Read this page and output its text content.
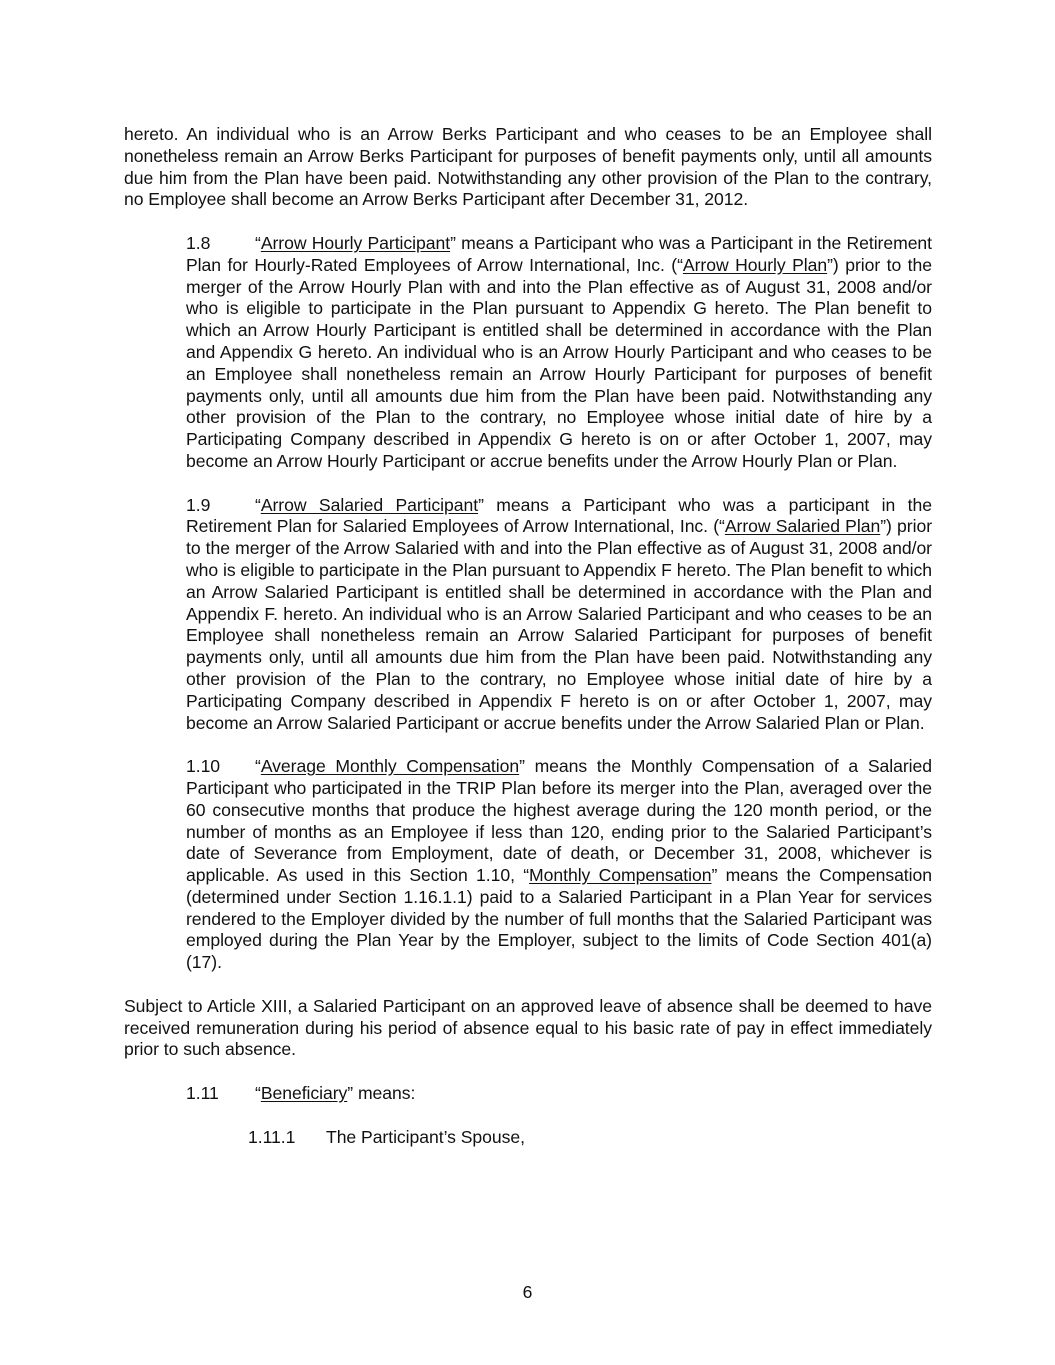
hereto. An individual who is an Arrow Berks Participant and who ceases to be an Employee shall nonetheless remain an Arrow Berks Participant for purposes of benefit payments only, until all amounts due him from the Plan have been paid. Notwithstanding any other provision of the Plan to the contrary, no Employee shall become an Arrow Berks Participant after December 31, 2012.

1.8	“Arrow Hourly Participant” means a Participant who was a Participant in the Retirement Plan for Hourly-Rated Employees of Arrow International, Inc. (“Arrow Hourly Plan”) prior to the merger of the Arrow Hourly Plan with and into the Plan effective as of August 31, 2008 and/or who is eligible to participate in the Plan pursuant to Appendix G hereto. The Plan benefit to which an Arrow Hourly Participant is entitled shall be determined in accordance with the Plan and Appendix G hereto. An individual who is an Arrow Hourly Participant and who ceases to be an Employee shall nonetheless remain an Arrow Hourly Participant for purposes of benefit payments only, until all amounts due him from the Plan have been paid. Notwithstanding any other provision of the Plan to the contrary, no Employee whose initial date of hire by a Participating Company described in Appendix G hereto is on or after October 1, 2007, may become an Arrow Hourly Participant or accrue benefits under the Arrow Hourly Plan or Plan.

1.9	“Arrow Salaried Participant” means a Participant who was a participant in the Retirement Plan for Salaried Employees of Arrow International, Inc. (“Arrow Salaried Plan”) prior to the merger of the Arrow Salaried with and into the Plan effective as of August 31, 2008 and/or who is eligible to participate in the Plan pursuant to Appendix F hereto. The Plan benefit to which an Arrow Salaried Participant is entitled shall be determined in accordance with the Plan and Appendix F. hereto. An individual who is an Arrow Salaried Participant and who ceases to be an Employee shall nonetheless remain an Arrow Salaried Participant for purposes of benefit payments only, until all amounts due him from the Plan have been paid. Notwithstanding any other provision of the Plan to the contrary, no Employee whose initial date of hire by a Participating Company described in Appendix F hereto is on or after October 1, 2007, may become an Arrow Salaried Participant or accrue benefits under the Arrow Salaried Plan or Plan.

1.10 “Average Monthly Compensation” means the Monthly Compensation of a Salaried Participant who participated in the TRIP Plan before its merger into the Plan, averaged over the 60 consecutive months that produce the highest average during the 120 month period, or the number of months as an Employee if less than 120, ending prior to the Salaried Participant’s date of Severance from Employment, date of death, or December 31, 2008, whichever is applicable. As used in this Section 1.10, “Monthly Compensation” means the Compensation (determined under Section 1.16.1.1) paid to a Salaried Participant in a Plan Year for services rendered to the Employer divided by the number of full months that the Salaried Participant was employed during the Plan Year by the Employer, subject to the limits of Code Section 401(a)(17).

Subject to Article XIII, a Salaried Participant on an approved leave of absence shall be deemed to have received remuneration during his period of absence equal to his basic rate of pay in effect immediately prior to such absence.

1.11 “Beneficiary” means:

1.11.1 The Participant’s Spouse,

6
